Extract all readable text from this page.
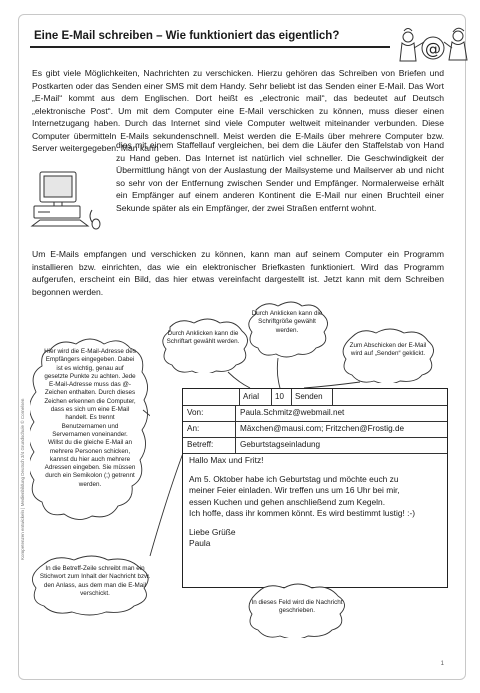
Eine E-Mail schreiben – Wie funktioniert das eigentlich?
@
Es gibt viele Möglichkeiten, Nachrichten zu verschicken. Hierzu gehören das Schreiben von Briefen und Postkarten oder das Senden einer SMS mit dem Handy. Sehr beliebt ist das Senden einer E-Mail. Das Wort „E-Mail“ kommt aus dem Englischen. Dort heißt es „electronic mail“, das bedeutet auf Deutsch „elektronische Post“. Um mit dem Computer eine E-Mail verschicken zu können, muss dieser einen Internetzugang haben. Durch das Internet sind viele Computer weltweit miteinander verbunden. Diese Computer übermitteln E-Mails sekundenschnell. Meist werden die E-Mails über mehrere Computer bzw. Server weitergegeben. Man kann
dies mit einem Staffellauf vergleichen, bei dem die Läufer den Staffelstab von Hand zu Hand geben. Das Internet ist natürlich viel schneller. Die Geschwindigkeit der Übermittlung hängt von der Auslastung der Mailsysteme und Mailserver ab und nicht so sehr von der Entfernung zwischen Sender und Empfänger. Normalerweise erhält ein Empfänger auf einem anderen Kontinent die E-Mail nur einen Bruchteil einer Sekunde später als ein Empfänger, der zwei Straßen entfernt wohnt.
Um E-Mails empfangen und verschicken zu können, kann man auf seinem Computer ein Programm installieren bzw. einrichten, das wie ein elektronischer Briefkasten funktioniert. Wird das Programm aufgerufen, erscheint ein Bild, das hier etwas vereinfacht dargestellt ist. Jetzt kann mit dem Schreiben begonnen werden.
Hier wird die E-Mail-Adresse des Empfängers eingegeben. Dabei ist es wichtig, genau auf gesetzte Punkte zu achten. Jede E-Mail-Adresse muss das @-Zeichen enthalten. Durch dieses Zeichen erkennen die Computer, dass es sich um eine E-Mail handelt. Es trennt Benutzernamen und Servernamen voneinander. Willst du die gleiche E-Mail an mehrere Personen schicken, kannst du hier auch mehrere Adressen eingeben. Sie müssen durch ein Semikolon (;) getrennt werden.
Durch Anklicken kann die Schriftart gewählt werden.
Durch Anklicken kann die Schriftgröße gewählt werden.
Zum Abschicken der E-Mail wird auf „Senden“ geklickt.
Arial 10 Senden
Von:	Paula.Schmitz@webmail.net
An:	Mäxchen@mausi.com; Fritzchen@Frostig.de
Betreff:	Geburtstagseinladung
Hallo Max und Fritz!
Am 5. Oktober habe ich Geburtstag und möchte euch zu
meiner Feier einladen. Wir treffen uns um 16 Uhr bei mir,
essen Kuchen und gehen anschließend zum Kegeln.
Ich hoffe, dass ihr kommen könnt. Es wird bestimmt lustig! :-)
Liebe Grüße
Paula
In die Betreff-Zeile schreibt man ein Stichwort zum Inhalt der Nachricht bzw. den Anlass, aus dem man die E-Mail verschickt.
In dieses Feld wird die Nachricht geschrieben.
Kompetenzen entwickeln | Medienbildung Deutsch 3/4 Grundschule © Cornelsen
1
